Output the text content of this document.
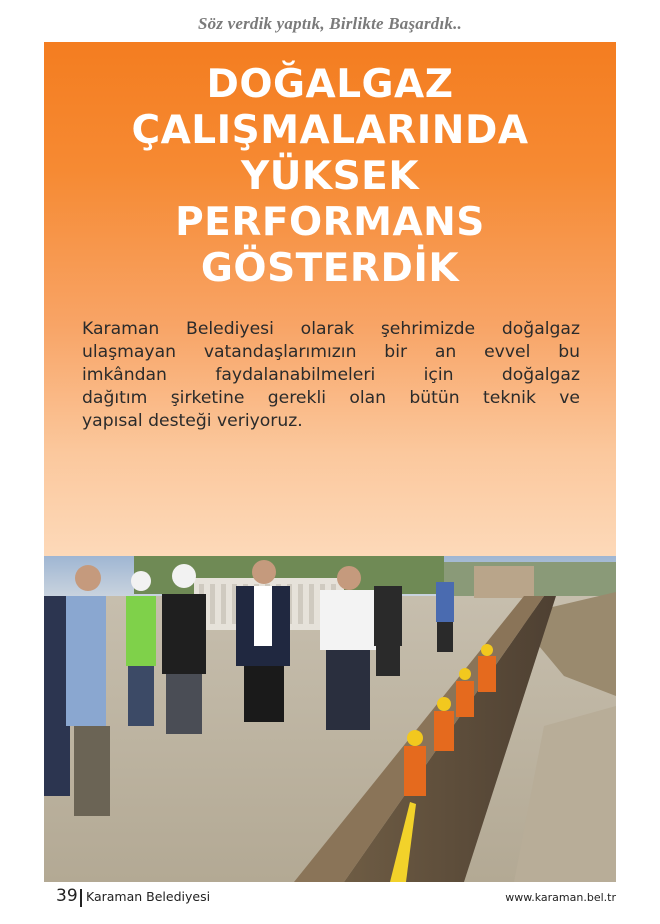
Söz verdik yaptık, Birlikte Başardık..
DOĞALGAZ
ÇALIŞMALARINDA
YÜKSEK
PERFORMANS
GÖSTERDİK

Karaman Belediyesi olarak şehrimizde doğalgaz
ulaşmayan vatandaşlarımızın bir an evvel bu
imkândan faydalanabilmeleri için doğalgaz
dağıtım şirketine gerekli olan bütün teknik ve
yapısal desteği veriyoruz.

39 Karaman Belediyesi	www.karaman.bel.tr
